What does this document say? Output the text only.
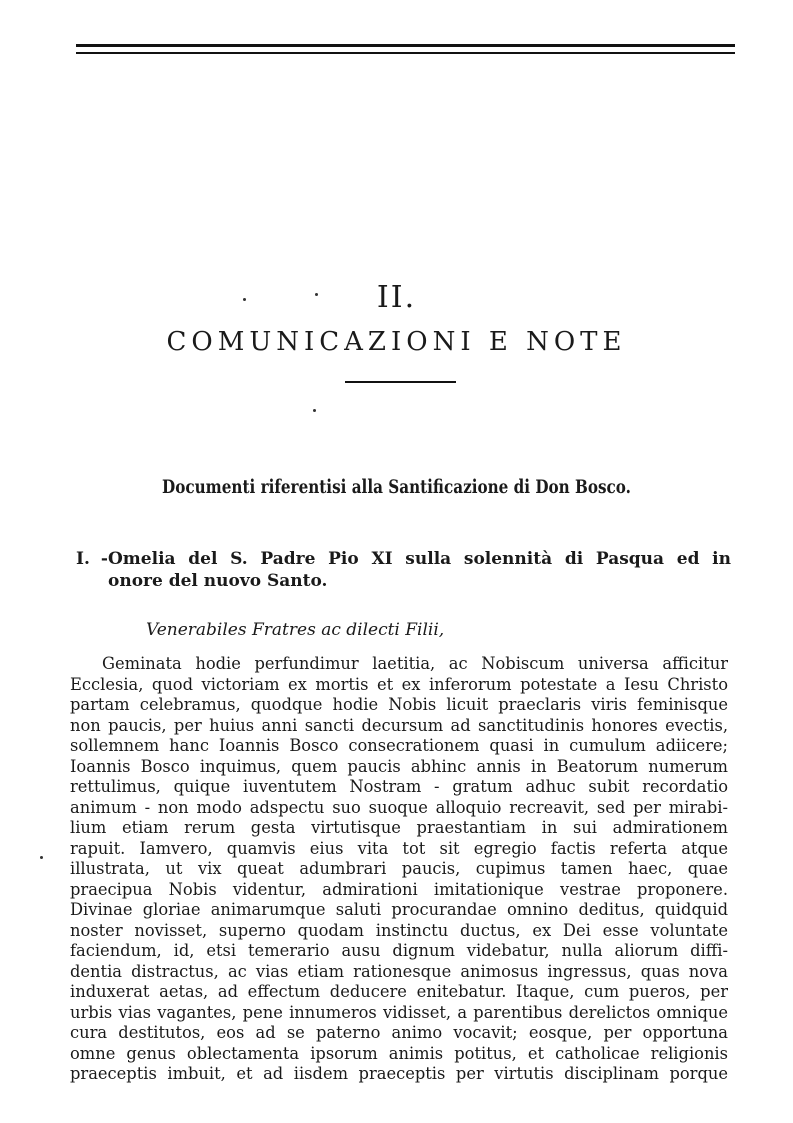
II.
COMUNICAZIONI E NOTE
Documenti riferentisi alla Santificazione di Don Bosco.
I. -Omelia del S. Padre Pio XI sulla solennità di Pasqua ed in
onore del nuovo Santo.
Venerabiles Fratres ac dilecti Filii,
Geminata hodie perfundimur laetitia, ac Nobiscum universa afficitur
Ecclesia, quod victoriam ex mortis et ex inferorum potestate a Iesu Christo
partam celebramus, quodque hodie Nobis licuit praeclaris viris feminisque
non paucis, per huius anni sancti decursum ad sanctitudinis honores evectis,
sollemnem hanc Ioannis Bosco consecrationem quasi in cumulum adiicere;
Ioannis Bosco inquimus, quem paucis abhinc annis in Beatorum numerum
rettulimus, quique iuventutem Nostram - gratum adhuc subit recordatio
animum - non modo adspectu suo suoque alloquio recreavit, sed per mirabi-
lium etiam rerum gesta virtutisque praestantiam in sui admirationem
rapuit. Iamvero, quamvis eius vita tot sit egregio factis referta atque
illustrata, ut vix queat adumbrari paucis, cupimus tamen haec, quae
praecipua Nobis videntur, admirationi imitationique vestrae proponere.
Divinae gloriae animarumque saluti procurandae omnino deditus, quidquid
noster novisset, superno quodam instinctu ductus, ex Dei esse voluntate
faciendum, id, etsi temerario ausu dignum videbatur, nulla aliorum diffi-
dentia distractus, ac vias etiam rationesque animosus ingressus, quas nova
induxerat aetas, ad effectum deducere enitebatur. Itaque, cum pueros, per
urbis vias vagantes, pene innumeros vidisset, a parentibus derelictos omnique
cura destitutos, eos ad se paterno animo vocavit; eosque, per opportuna
omne genus oblectamenta ipsorum animis potitus, et catholicae religionis
praeceptis imbuit, et ad iisdem praeceptis per virtutis disciplinam porque
